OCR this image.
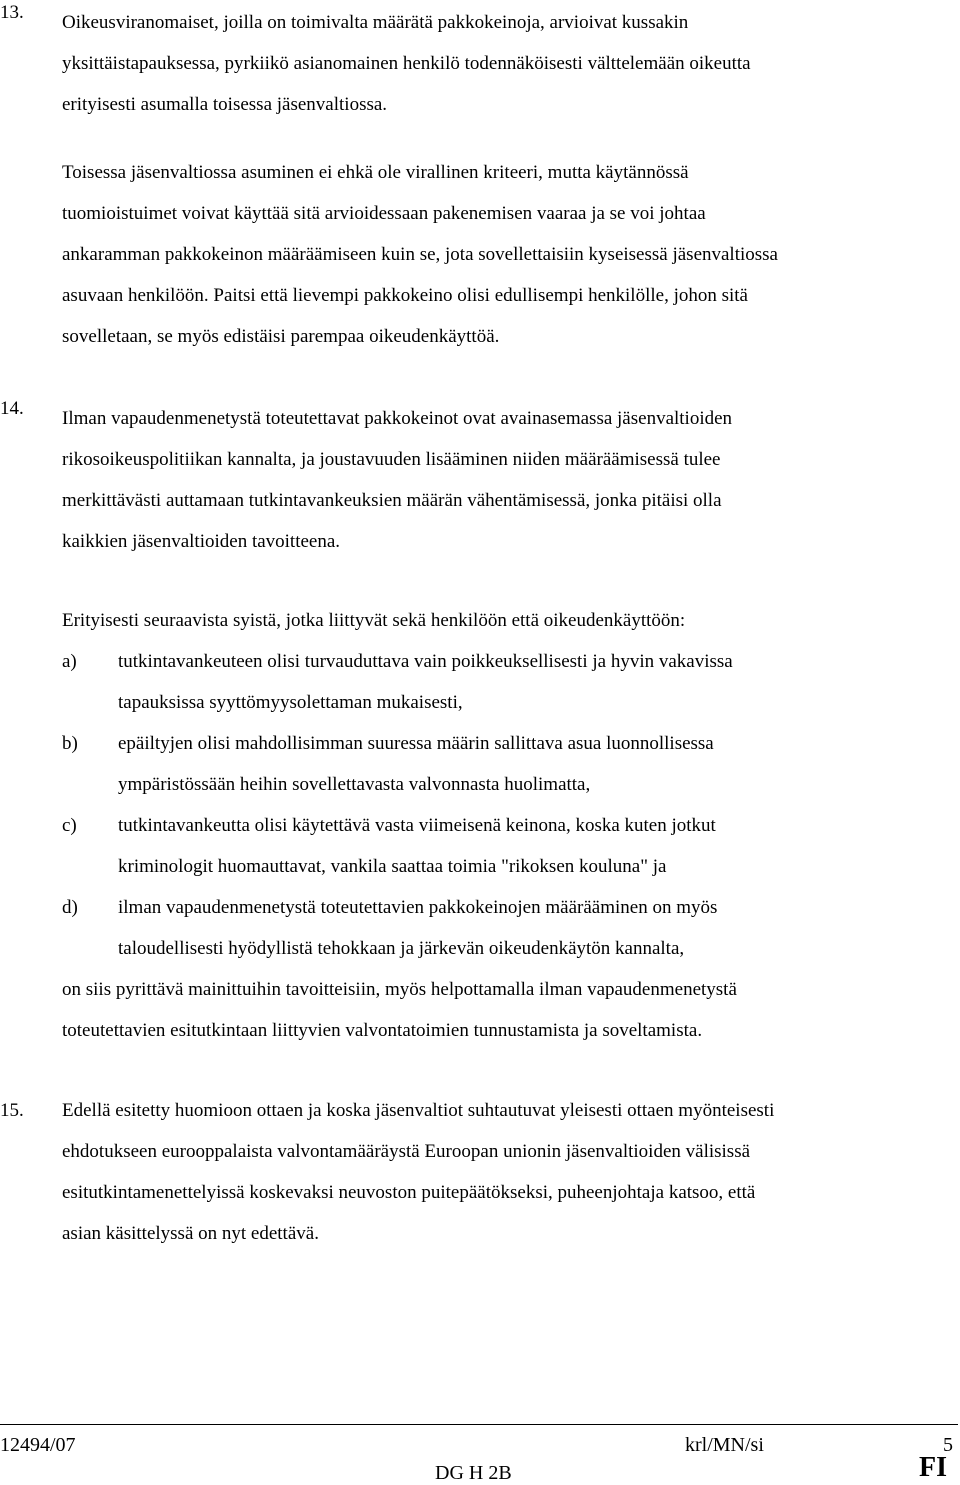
13.	Oikeusviranomaiset, joilla on toimivalta määrätä pakkokeinoja, arvioivat kussakin
yksittäistapauksessa, pyrkiikö asianomainen henkilö todennäköisesti välttelemään oikeutta
erityisesti asumalla toisessa jäsenvaltiossa.
Toisessa jäsenvaltiossa asuminen ei ehkä ole virallinen kriteeri, mutta käytännössä
tuomioistuimet voivat käyttää sitä arvioidessaan pakenemisen vaaraa ja se voi johtaa
ankaramman pakkokeinon määräämiseen kuin se, jota sovellettaisiin kyseisessä jäsenvaltiossa
asuvaan henkilöön. Paitsi että lievempi pakkokeino olisi edullisempi henkilölle, johon sitä
sovelletaan, se myös edistäisi parempaa oikeudenkäyttöä.
14.	Ilman vapaudenmenetystä toteutettavat pakkokeinot ovat avainasemassa jäsenvaltioiden
rikosoikeuspolitiikan kannalta, ja joustavuuden lisääminen niiden määräämisessä tulee
merkittävästi auttamaan tutkintavankeuksien määrän vähentämisessä, jonka pitäisi olla
kaikkien jäsenvaltioiden tavoitteena.
Erityisesti seuraavista syistä, jotka liittyvät sekä henkilöön että oikeudenkäyttöön:
a) tutkintavankeuteen olisi turvauduttava vain poikkeuksellisesti ja hyvin vakavissa
tapauksissa syyttömyysolettaman mukaisesti,
b) epäiltyjen olisi mahdollisimman suuressa määrin sallittava asua luonnollisessa
ympäristössään heihin sovellettavasta valvonnasta huolimatta,
c) tutkintavankeutta olisi käytettävä vasta viimeisenä keinona, koska kuten jotkut
kriminologit huomauttavat, vankila saattaa toimia "rikoksen kouluna" ja
d) ilman vapaudenmenetystä toteutettavien pakkokeinojen määrääminen on myös
taloudellisesti hyödyllistä tehokkaan ja järkevän oikeudenkäytön kannalta,
on siis pyrittävä mainittuihin tavoitteisiin, myös helpottamalla ilman vapaudenmenetystä
toteutettavien esitutkintaan liittyvien valvontatoimien tunnustamista ja soveltamista.
15.	Edellä esitetty huomioon ottaen ja koska jäsenvaltiot suhtautuvat yleisesti ottaen myönteisesti
ehdotukseen eurooppalaista valvontamääräystä Euroopan unionin jäsenvaltioiden välisissä
esitutkintamenettelyissä koskevaksi neuvoston puitepäätökseksi, puheenjohtaja katsoo, että
asian käsittelyssä on nyt edettävä.
12494/07	krl/MN/si	5
DG H 2B	FI
